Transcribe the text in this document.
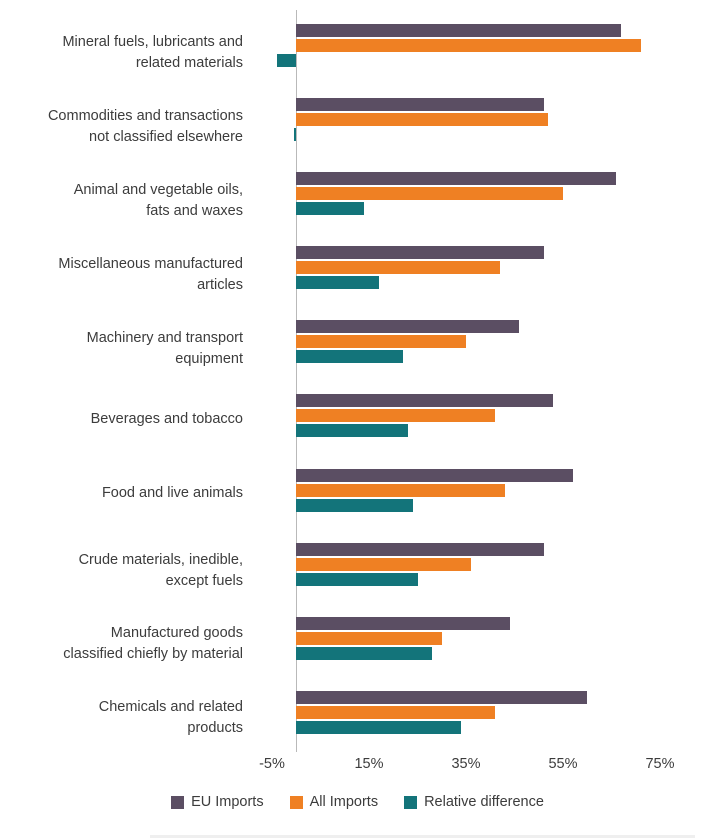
Mineral fuels, lubricants and
related materials
Commodities and transactions
not classified elsewhere
Animal and vegetable oils,
fats and waxes
Miscellaneous manufactured
articles
Machinery and transport
equipment
Beverages and tobacco
Food and live animals
Crude materials, inedible,
except fuels
Manufactured goods
classified chiefly by material
Chemicals and related
products
-5%	15%	35%	55%	75%
EU Imports	All Imports	Relative difference
